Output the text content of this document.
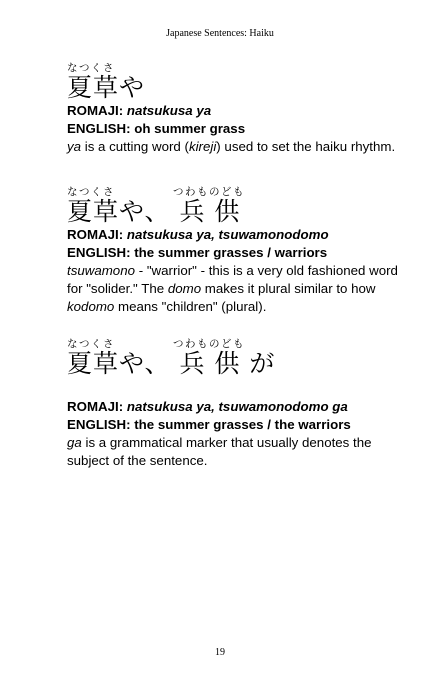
Japanese Sentences: Haiku
なつくさ
夏草や
ROMAJI: natsukusa ya
ENGLISH: oh summer grass
ya is a cutting word (kireji) used to set the haiku rhythm.
なつくさ	つわものども
夏草や、 兵 供
ROMAJI: natsukusa ya, tsuwamonodomo
ENGLISH: the summer grasses / warriors
tsuwamono - "warrior" - this is a very old fashioned word for "solider." The domo makes it plural similar to how kodomo means "children" (plural).
なつくさ	つわものども
夏草や、 兵 供 が
ROMAJI: natsukusa ya, tsuwamonodomo ga
ENGLISH: the summer grasses / the warriors
ga is a grammatical marker that usually denotes the subject of the sentence.
19
